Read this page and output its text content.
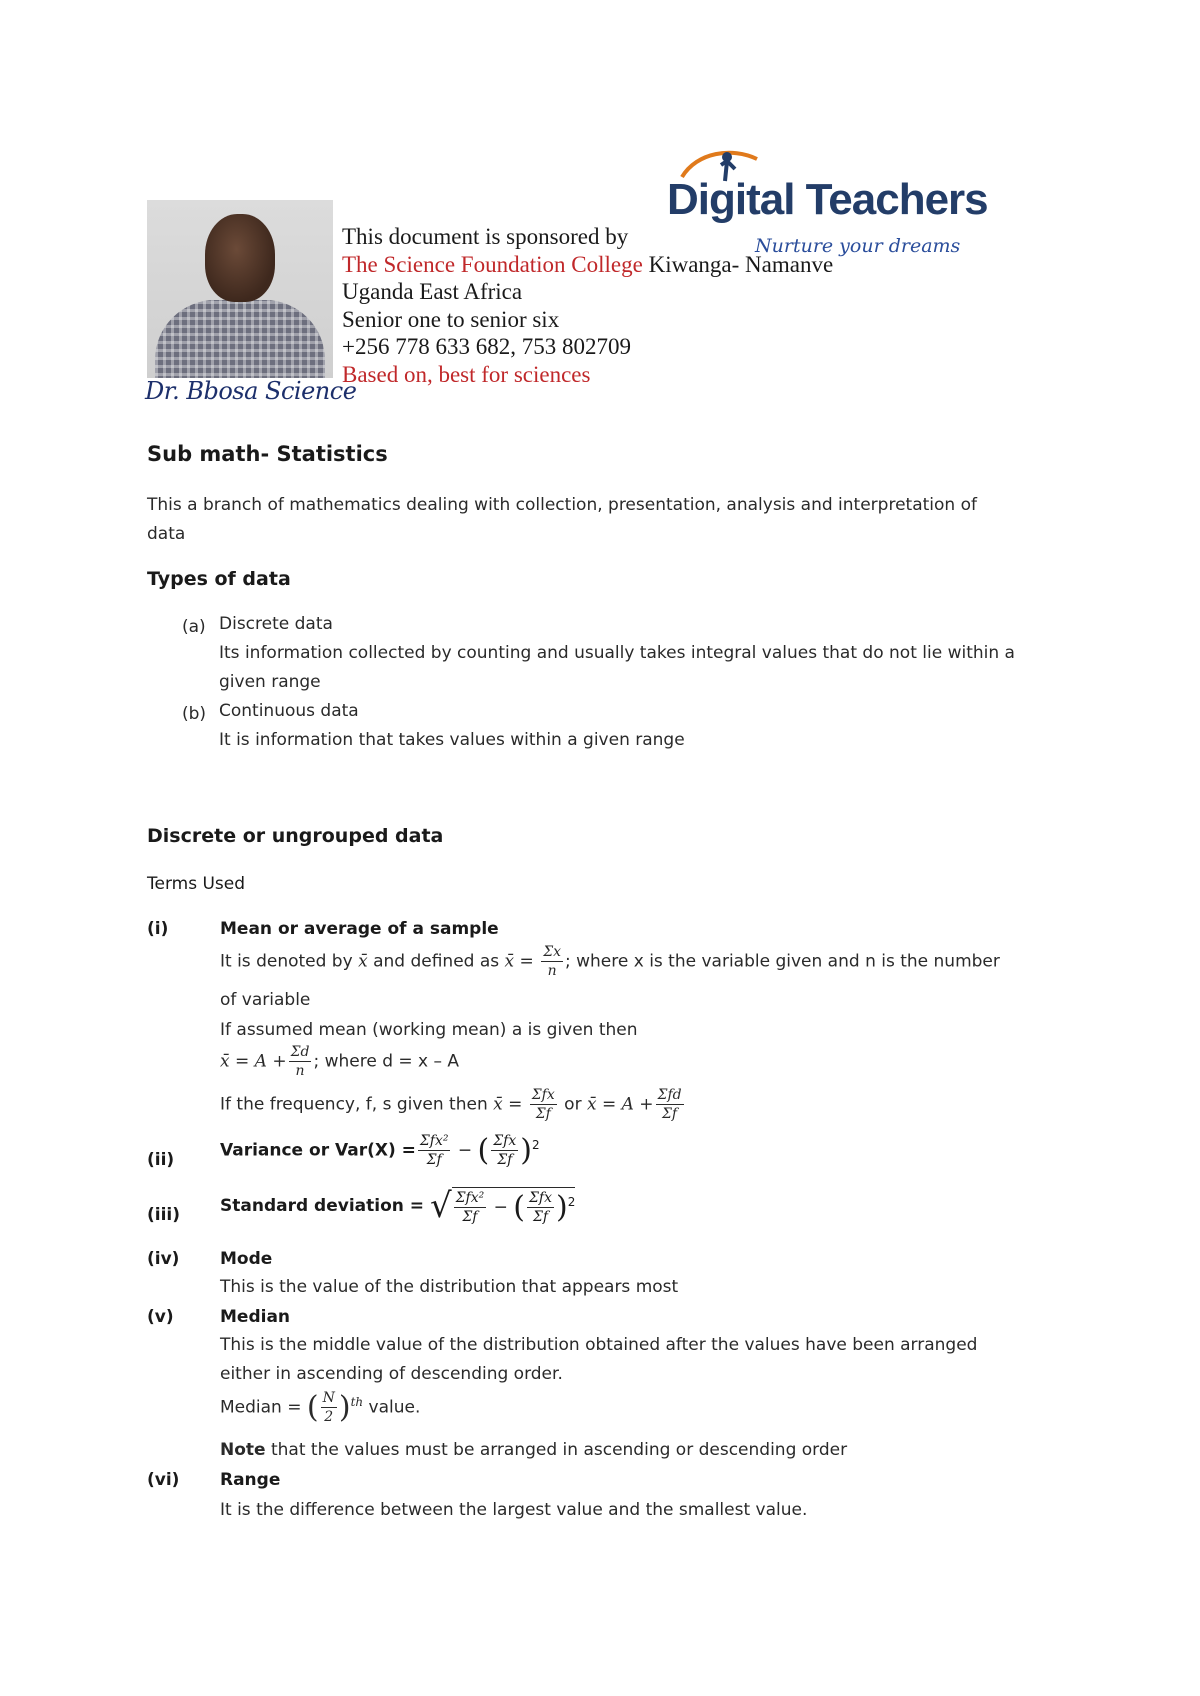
Dr. Bbosa Science
Digital Teachers
Nurture your dreams
This document is sponsored by
The Science Foundation College Kiwanga- Namanve
Uganda East Africa
Senior one to senior six
+256 778 633 682, 753 802709
Based on, best for sciences
Sub math- Statistics
This a branch of mathematics dealing with collection, presentation, analysis and interpretation of
data
Types of data
(a) Discrete data
Its information collected by counting and usually takes integral values that do not lie within a
given range
(b) Continuous data
It is information that takes values within a given range
Discrete or ungrouped data
Terms Used
(i)	Mean or average of a sample
It is denoted by x̄ and defined as x̄ = $\frac{\Sigma x}{n}$ ; where x is the variable given and n is the number
of variable
If assumed mean (working mean) a is given then
x̄ = $A + \frac{\Sigma d}{n}$ ; where d = x – A
If the frequency, f, s given then x̄ = $\frac{\text{Σfx}}{\Sigma f}$ or x̄ = $A + \frac{\text{Σfd}}{\Sigma f}$
(ii)	Variance or $Var(X) = \frac{\text{Σfx²}}{\Sigma f}$ − ( $\frac{\text{Σfx}}{\Sigma f} )^2$
(iii) Standard deviation = √ $\frac{\text{Σfx²}}{\Sigma f}$ − ( $\frac{\text{Σfx}}{\Sigma f} )^2$
(iv) Mode
This is the value of the distribution that appears most
(v)	Median
This is the middle value of the distribution obtained after the values have been arranged
either in ascending of descending order.
Median = ( $\frac{N}{2} )^{th}$ value.
Note that the values must be arranged in ascending or descending order
(vi) Range
It is the difference between the largest value and the smallest value.
